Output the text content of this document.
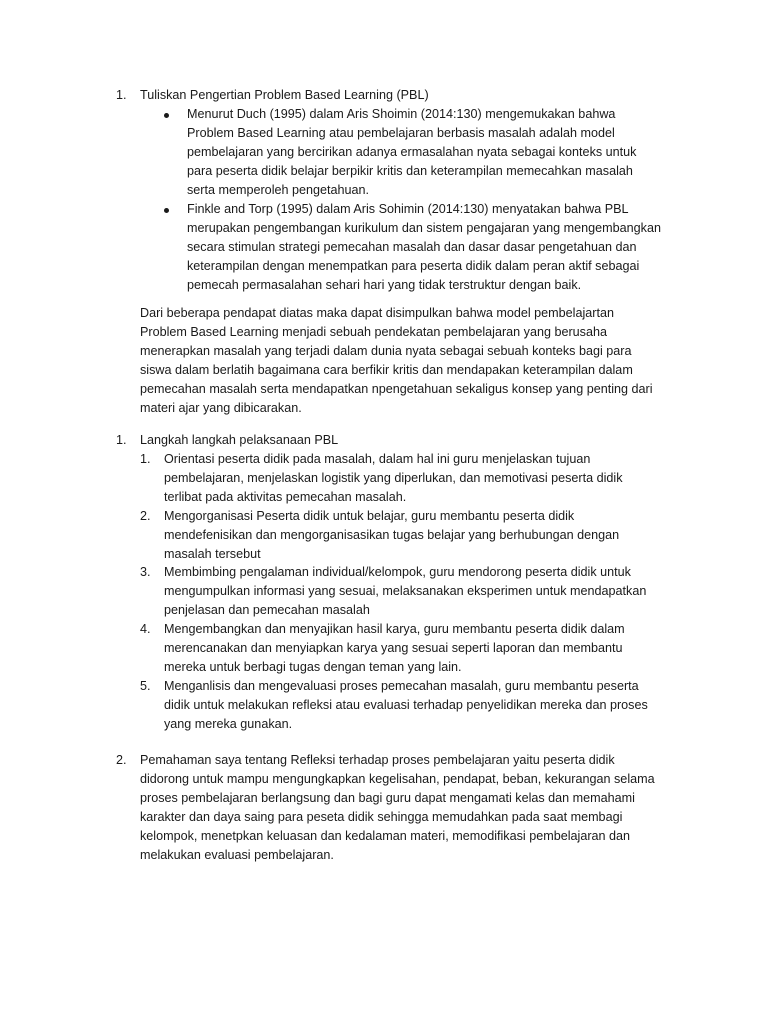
1. Tuliskan Pengertian Problem Based Learning (PBL)

Menurut Duch (1995) dalam Aris Shoimin (2014:130) mengemukakan bahwa

Problem Based Learning atau pembelajaran berbasis masalah adalah model

pembelajaran yang bercirikan adanya ermasalahan nyata sebagai konteks untuk

para peserta didik belajar berpikir kritis dan keterampilan memecahkan masalah

serta memperoleh pengetahuan.

Finkle and Torp (1995) dalam Aris Sohimin (2014:130) menyatakan bahwa PBL

merupakan pengembangan kurikulum dan sistem pengajaran yang mengembangkan

secara stimulan strategi pemecahan masalah dan dasar dasar pengetahuan dan

keterampilan dengan menempatkan para peserta didik dalam peran aktif sebagai

pemecah permasalahan sehari hari yang tidak terstruktur dengan baik.

Dari beberapa pendapat diatas maka dapat disimpulkan bahwa model pembelajartan

Problem Based Learning menjadi sebuah pendekatan pembelajaran yang berusaha

menerapkan masalah yang terjadi dalam dunia nyata sebagai sebuah konteks bagi para

siswa dalam berlatih bagaimana cara berfikir kritis dan mendapakan keterampilan dalam

pemecahan masalah serta mendapatkan npengetahuan sekaligus konsep yang penting dari

materi ajar yang dibicarakan.

1. Langkah langkah pelaksanaan PBL
1. Orientasi peserta didik pada masalah, dalam hal ini guru menjelaskan tujuan

pembelajaran, menjelaskan logistik yang diperlukan, dan memotivasi peserta didik

terlibat pada aktivitas pemecahan masalah.

2. Mengorganisasi Peserta didik untuk belajar, guru membantu peserta didik

mendefenisikan dan mengorganisasikan tugas belajar yang berhubungan dengan

masalah tersebut

3. Membimbing pengalaman individual/kelompok, guru mendorong peserta didik untuk

mengumpulkan informasi yang sesuai, melaksanakan eksperimen untuk mendapatkan

penjelasan dan pemecahan masalah

4. Mengembangkan dan menyajikan hasil karya, guru membantu peserta didik dalam

merencanakan dan menyiapkan karya yang sesuai seperti laporan dan membantu

mereka untuk berbagi tugas dengan teman yang lain.

5. Menganlisis dan mengevaluasi proses pemecahan masalah, guru membantu peserta

didik untuk melakukan refleksi atau evaluasi terhadap penyelidikan mereka dan proses

yang mereka gunakan.

2. Pemahaman saya tentang Refleksi terhadap proses pembelajaran yaitu peserta didik

didorong untuk mampu mengungkapkan kegelisahan, pendapat, beban, kekurangan selama

proses pembelajaran berlangsung dan bagi guru dapat mengamati kelas dan memahami

karakter dan daya saing para peseta didik sehingga memudahkan pada saat membagi

kelompok, menetpkan keluasan dan kedalaman materi, memodifikasi pembelajaran dan

melakukan evaluasi pembelajaran.
